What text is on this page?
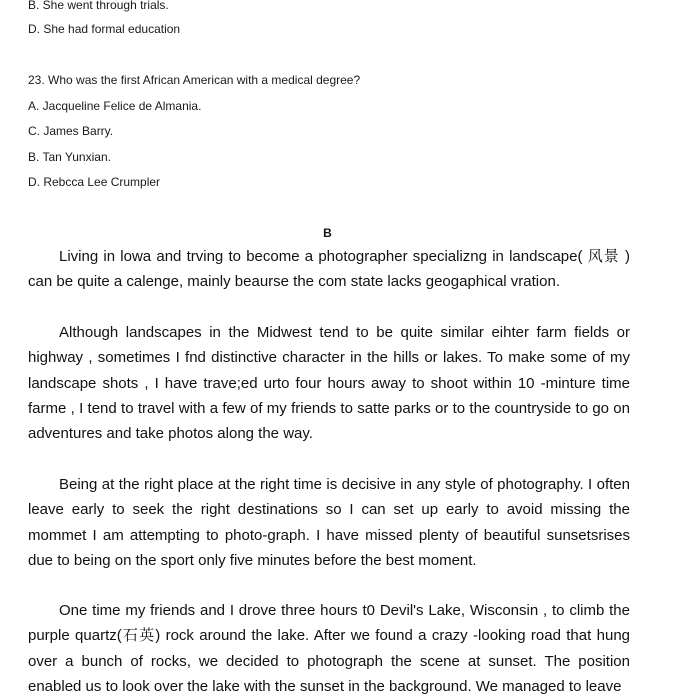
B. She went through trials.
D. She had formal education
23. Who was the first African American with a medical degree?
A. Jacqueline Felice de Almania.
C. James Barry.
B. Tan Yunxian.
D. Rebcca Lee Crumpler
B

Living in lowa and trving to become a photographer specializng in landscape( 风景 ) can be quite a calenge, mainly beaurse the com state lacks geogaphical vration.

Although landscapes in the Midwest tend to be quite similar eihter farm fields or highway , sometimes I fnd distinctive character in the hills or lakes. To make some of my landscape shots , I have trave;ed urto four hours away to shoot within 10 -minture time farme , I tend to travel with a few of my friends to satte parks or to the countryside to go on adventures and take photos along the way.

Being at the right place at the right time is decisive in any style of photography. I often leave early to seek the right destinations so I can set up early to avoid missing the mommet I am attempting to photo-graph. I have missed plenty of beautiful sunsetsrises due to being on the sport only five minutes before the best moment.

One time my friends and I drove three hours t0 Devil's Lake, Wisconsin , to climb the purple quartz(石英) rock around the lake. After we found a crazy -looking road that hung over a bunch of rocks, we decided to photograph the scene at sunset. The position enabled us to look over the lake with the sunset in the background. We managed to leave
